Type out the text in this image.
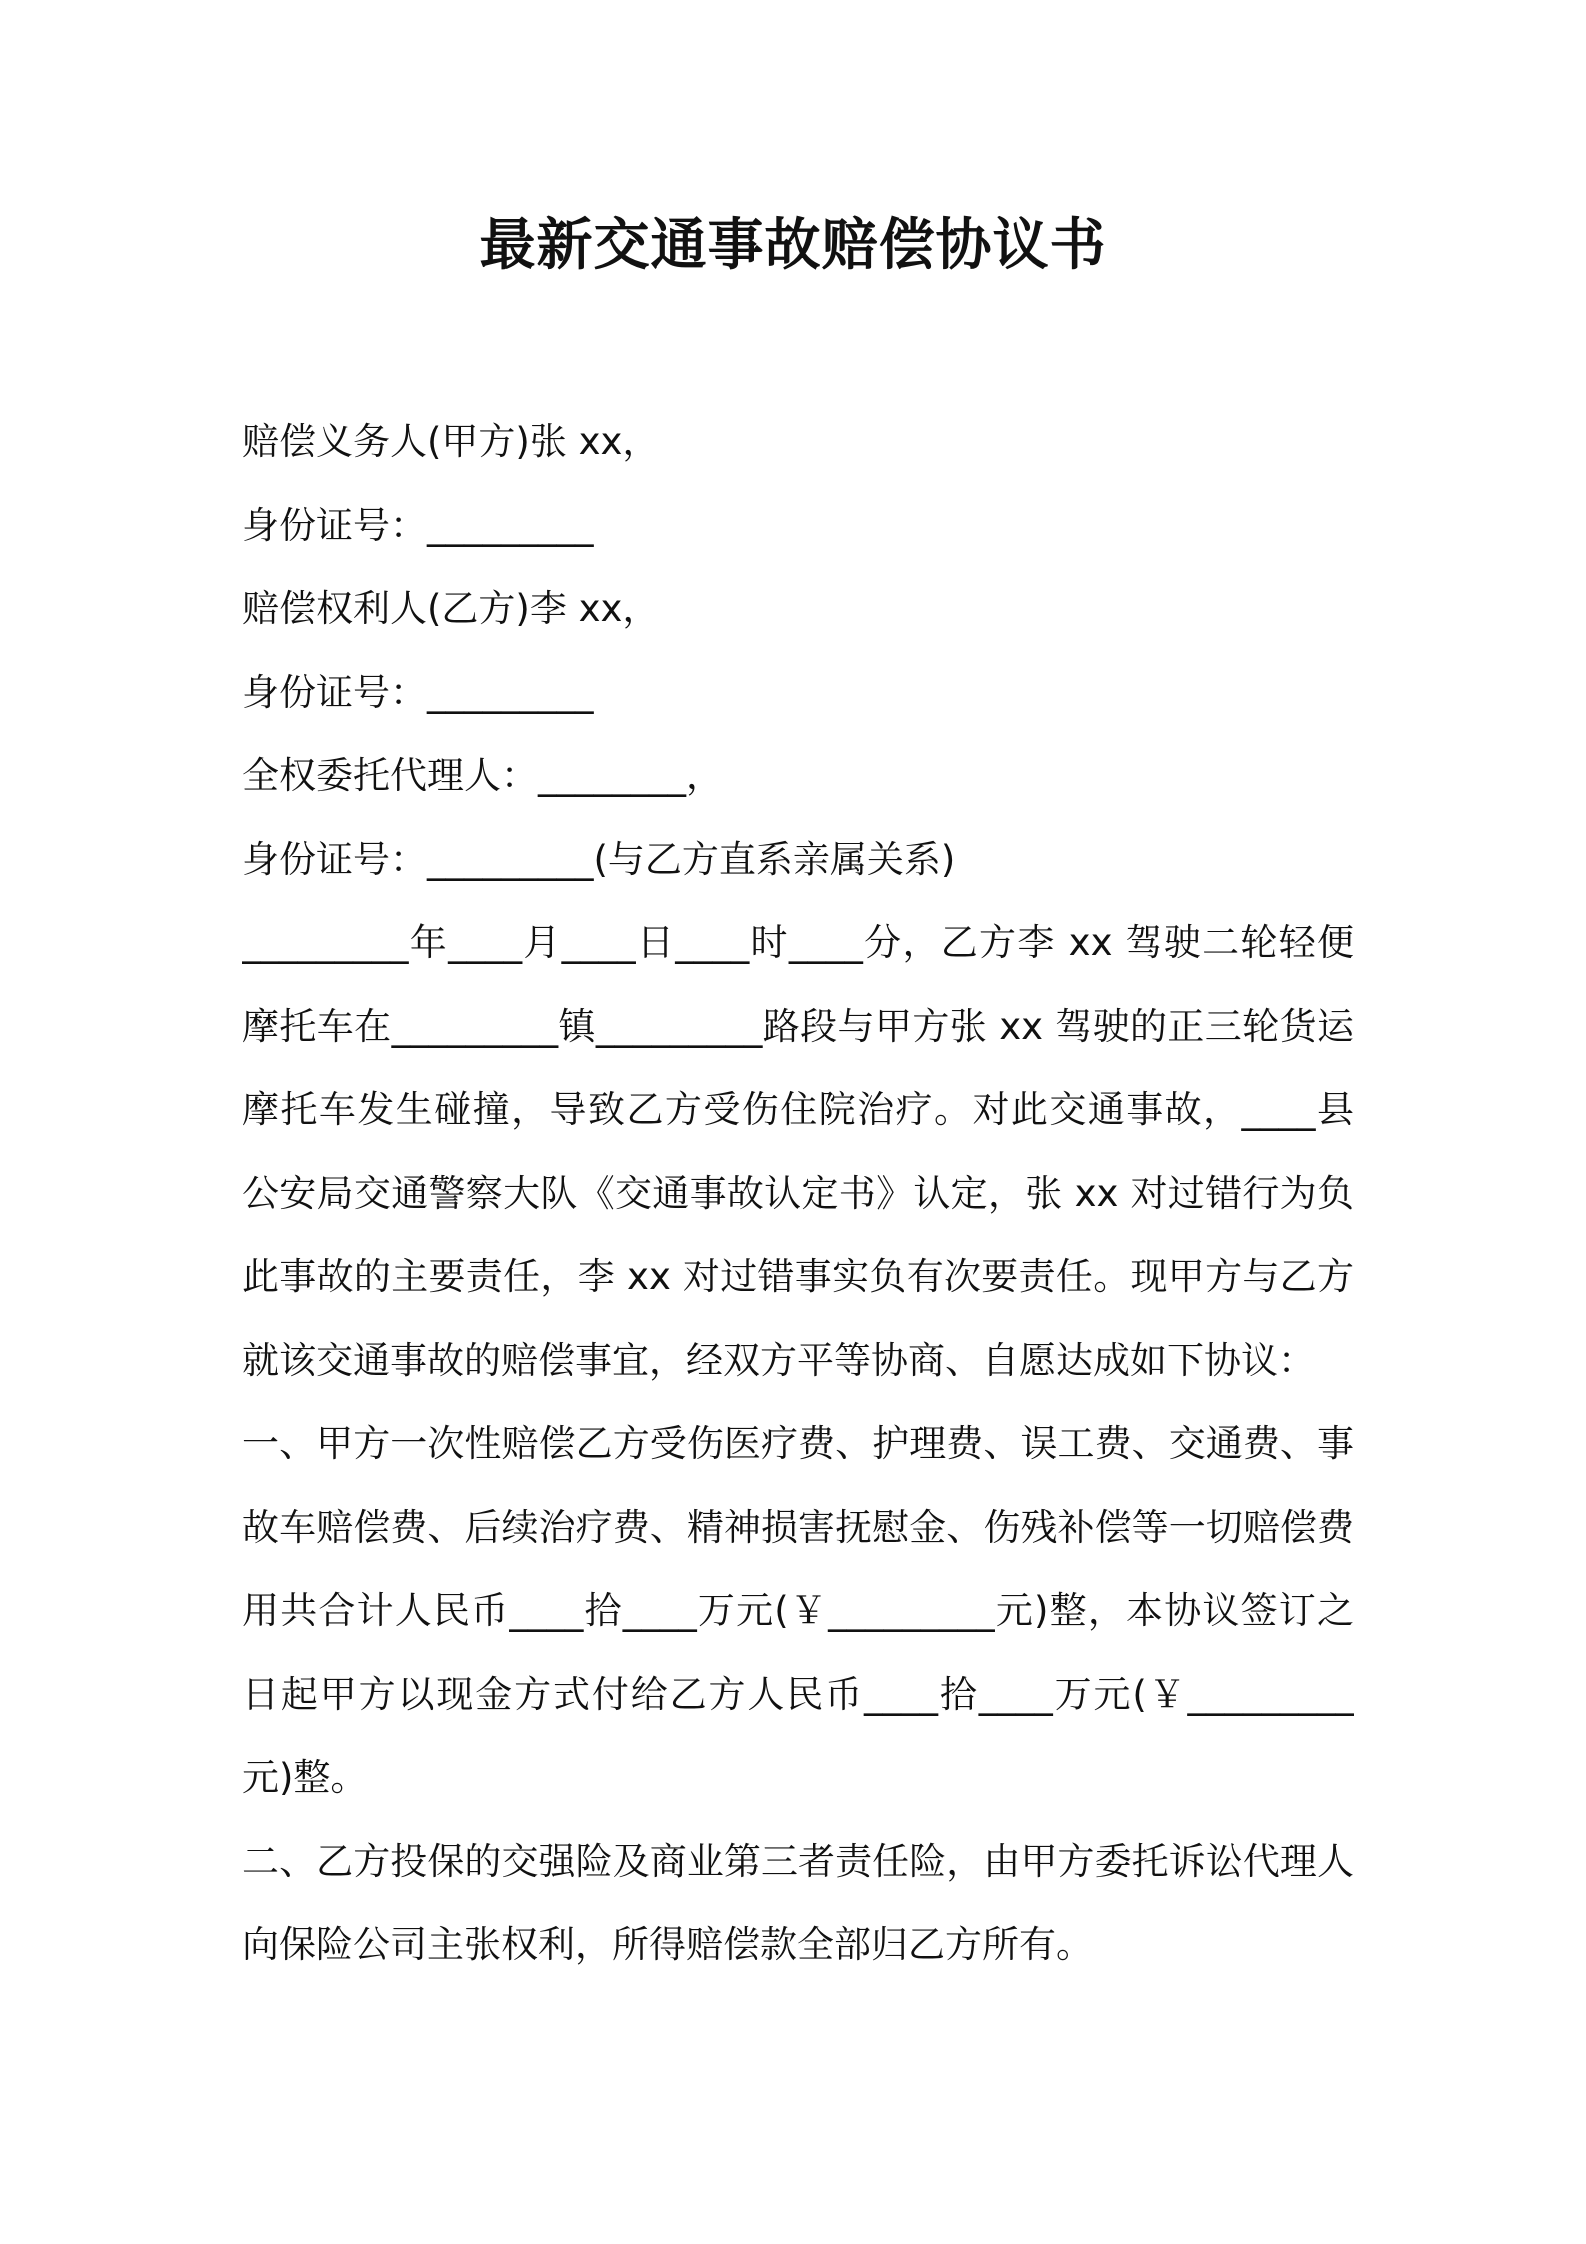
最新交通事故赔偿协议书

赔偿义务人(甲方)张 xx，

身份证号：_________

赔偿权利人(乙方)李 xx，

身份证号：_________

全权委托代理人：________，

身份证号：_________(与乙方直系亲属关系)

_________年____月____日____时____分，乙方李 xx 驾驶二轮轻便

摩托车在_________镇_________路段与甲方张 xx 驾驶的正三轮货运

摩托车发生碰撞，导致乙方受伤住院治疗。对此交通事故，____县

公安局交通警察大队《交通事故认定书》认定，张 xx 对过错行为负

此事故的主要责任，李 xx 对过错事实负有次要责任。现甲方与乙方

就该交通事故的赔偿事宜，经双方平等协商、自愿达成如下协议：

一、甲方一次性赔偿乙方受伤医疗费、护理费、误工费、交通费、事

故车赔偿费、后续治疗费、精神损害抚慰金、伤残补偿等一切赔偿费

用共合计人民币____拾____万元(￥_________元)整，本协议签订之

日起甲方以现金方式付给乙方人民币____拾____万元(￥_________

元)整。

二、乙方投保的交强险及商业第三者责任险，由甲方委托诉讼代理人

向保险公司主张权利，所得赔偿款全部归乙方所有。
